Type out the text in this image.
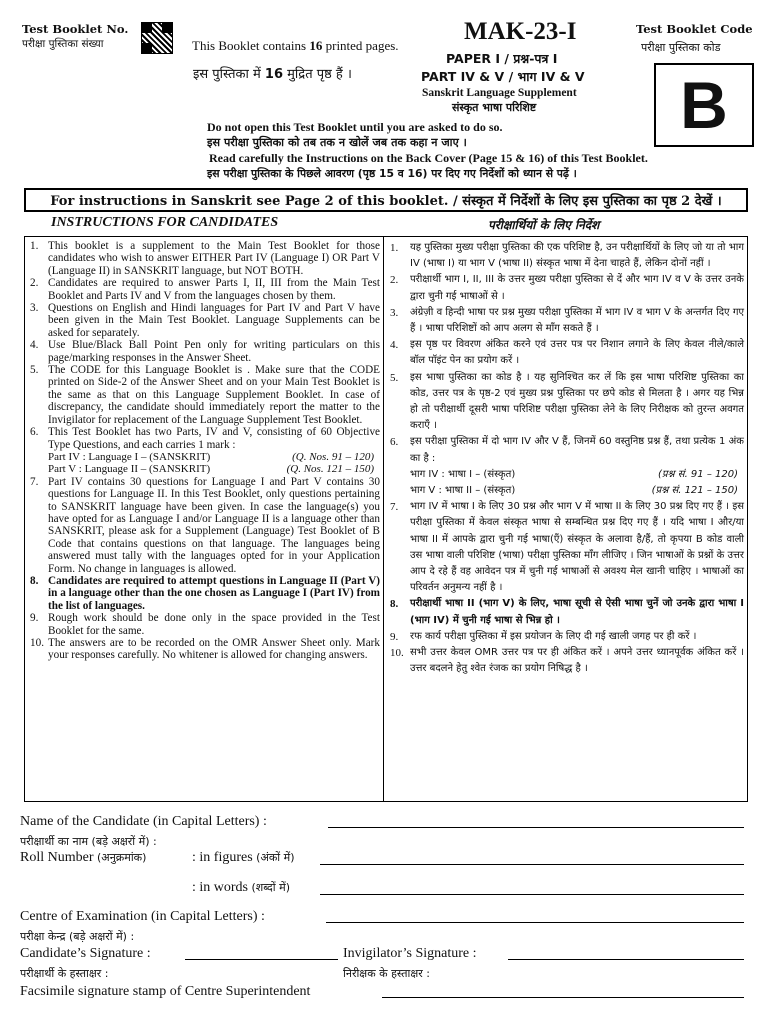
Test Booklet No.
परीक्षा पुस्तिका संख्या	This Booklet contains 16 printed pages.
इस पुस्तिका में 16 मुद्रित पृष्ठ हैं ।
MAK-23-I
PAPER I / प्रश्न-पत्र I
PART IV & V / भाग IV & V
Sanskrit Language Supplement
संस्कृत भाषा परिशिष्ट
Test Booklet Code
परीक्षा पुस्तिका कोड
B
Do not open this Test Booklet until you are asked to do so.
इस परीक्षा पुस्तिका को तब तक न खोलें जब तक कहा न जाए ।
Read carefully the Instructions on the Back Cover (Page 15 & 16) of this Test Booklet.
इस परीक्षा पुस्तिका के पिछले आवरण (पृष्ठ 15 व 16) पर दिए गए निर्देशों को ध्यान से पढ़ें ।
For instructions in Sanskrit see Page 2 of this booklet. / संस्कृत में निर्देशों के लिए इस पुस्तिका का पृष्ठ 2 देखें ।
INSTRUCTIONS FOR CANDIDATES	परीक्षार्थियों के लिए निर्देश
1. This booklet is a supplement to the Main Test Booklet for those candidates who wish to answer EITHER Part IV (Language I) OR Part V (Language II) in SANSKRIT language, but NOT BOTH.
2. Candidates are required to answer Parts I, II, III from the Main Test Booklet and Parts IV and V from the languages chosen by them.
3. Questions on English and Hindi languages for Part IV and Part V have been given in the Main Test Booklet. Language Supplements can be asked for separately.
4. Use Blue/Black Ball Point Pen only for writing particulars on this page/marking responses in the Answer Sheet.
5. The CODE for this Language Booklet is . Make sure that the CODE printed on Side-2 of the Answer Sheet and on your Main Test Booklet is the same as that on this Language Supplement Booklet. In case of discrepancy, the candidate should immediately report the matter to the Invigilator for replacement of the Language Supplement Test Booklet.
6. This Test Booklet has two Parts, IV and V, consisting of 60 Objective Type Questions, and each carries 1 mark :
Part IV : Language I – (SANSKRIT)	(Q. Nos. 91 – 120)
Part V : Language II – (SANSKRIT)	(Q. Nos. 121 – 150)
7. Part IV contains 30 questions for Language I and Part V contains 30 questions for Language II. In this Test Booklet, only questions pertaining to SANSKRIT language have been given. In case the language(s) you have opted for as Language I and/or Language II is a language other than SANSKRIT, please ask for a Supplement (Language) Test Booklet of B Code that contains questions on that language. The languages being answered must tally with the languages opted for in your Application Form. No change in languages is allowed.
8. Candidates are required to attempt questions in Language II (Part V) in a language other than the one chosen as Language I (Part IV) from the list of languages.
9. Rough work should be done only in the space provided in the Test Booklet for the same.
10. The answers are to be recorded on the OMR Answer Sheet only. Mark your responses carefully. No whitener is allowed for changing answers.
1. यह पुस्तिका मुख्य परीक्षा पुस्तिका की एक परिशिष्ट है, उन परीक्षार्थियों के लिए जो या तो भाग IV (भाषा I) या भाग V (भाषा II) संस्कृत भाषा में देना चाहते हैं, लेकिन दोनों नहीं ।
2. परीक्षार्थी भाग I, II, III के उत्तर मुख्य परीक्षा पुस्तिका से दें और भाग IV व V के उत्तर उनके द्वारा चुनी गई भाषाओं से ।
3. अंग्रेज़ी व हिन्दी भाषा पर प्रश्न मुख्य परीक्षा पुस्तिका में भाग IV व भाग V के अन्तर्गत दिए गए हैं । भाषा परिशिष्टों को आप अलग से माँग सकते हैं ।
4. इस पृष्ठ पर विवरण अंकित करने एवं उत्तर पत्र पर निशान लगाने के लिए केवल नीले/काले बॉल पॉइंट पेन का प्रयोग करें ।
5. इस भाषा पुस्तिका का कोड है । यह सुनिश्चित कर लें कि इस भाषा परिशिष्ट पुस्तिका का कोड, उत्तर पत्र के पृष्ठ-2 एवं मुख्य प्रश्न पुस्तिका पर छपे कोड से मिलता है । अगर यह भिन्न हो तो परीक्षार्थी दूसरी भाषा परिशिष्ट परीक्षा पुस्तिका लेने के लिए निरीक्षक को तुरन्त अवगत कराएँ ।
6. इस परीक्षा पुस्तिका में दो भाग IV और V हैं, जिनमें 60 वस्तुनिष्ठ प्रश्न हैं, तथा प्रत्येक 1 अंक का है :
भाग IV : भाषा I – (संस्कृत)	(प्रश्न सं. 91 – 120)
भाग V : भाषा II – (संस्कृत)	(प्रश्न सं. 121 – 150)
7. भाग IV में भाषा I के लिए 30 प्रश्न और भाग V में भाषा II के लिए 30 प्रश्न दिए गए हैं । इस परीक्षा पुस्तिका में केवल संस्कृत भाषा से सम्बन्धित प्रश्न दिए गए हैं । यदि भाषा I और/या भाषा II में आपके द्वारा चुनी गई भाषा(एँ) संस्कृत के अलावा है/हैं, तो कृपया B कोड वाली उस भाषा वाली परिशिष्ट (भाषा) परीक्षा पुस्तिका माँग लीजिए । जिन भाषाओं के प्रश्नों के उत्तर आप दे रहे हैं वह आवेदन पत्र में चुनी गई भाषाओं से अवश्य मेल खानी चाहिए । भाषाओं का परिवर्तन अनुमन्य नहीं है ।
8. परीक्षार्थी भाषा II (भाग V) के लिए, भाषा सूची से ऐसी भाषा चुनें जो उनके द्वारा भाषा I (भाग IV) में चुनी गई भाषा से भिन्न हो ।
9. रफ कार्य परीक्षा पुस्तिका में इस प्रयोजन के लिए दी गई खाली जगह पर ही करें ।
10. सभी उत्तर केवल OMR उत्तर पत्र पर ही अंकित करें । अपने उत्तर ध्यानपूर्वक अंकित करें । उत्तर बदलने हेतु श्वेत रंजक का प्रयोग निषिद्ध है ।
Name of the Candidate (in Capital Letters) :
परीक्षार्थी का नाम (बड़े अक्षरों में) :
Roll Number (अनुक्रमांक)	: in figures (अंकों में)
: in words (शब्दों में)
Centre of Examination (in Capital Letters) :
परीक्षा केन्द्र (बड़े अक्षरों में) :
Candidate’s Signature :	Invigilator’s Signature :
परीक्षार्थी के हस्ताक्षर :	निरीक्षक के हस्ताक्षर :
Facsimile signature stamp of Centre Superintendent
